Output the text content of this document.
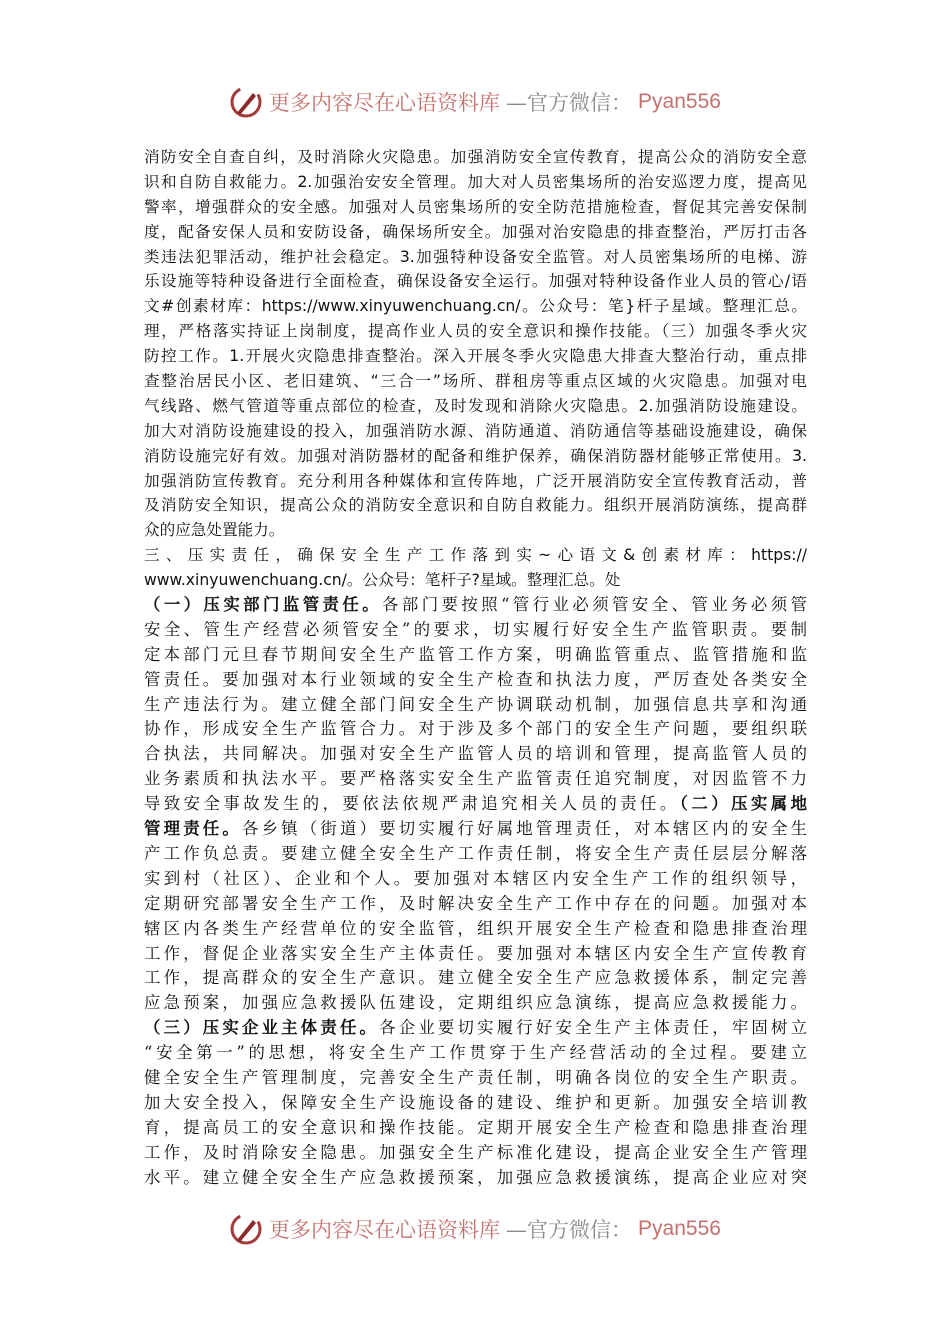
更多内容尽在心语资料库 —官方微信： Pyan556
消防安全自查自纠，及时消除火灾隐患。加强消防安全宣传教育，提高公众的消防安全意
识和自防自救能力。2.加强治安安全管理。加大对人员密集场所的治安巡逻力度，提高见
警率，增强群众的安全感。加强对人员密集场所的安全防范措施检查，督促其完善安保制
度，配备安保人员和安防设备，确保场所安全。加强对治安隐患的排查整治，严厉打击各
类违法犯罪活动，维护社会稳定。3.加强特种设备安全监管。对人员密集场所的电梯、游
乐设施等特种设备进行全面检查，确保设备安全运行。加强对特种设备作业人员的管心/语
文#创素材库：https://www.xinyuwenchuang.cn/。公众号：笔}杆子星域。整理汇总。
理，严格落实持证上岗制度，提高作业人员的安全意识和操作技能。（三）加强冬季火灾
防控工作。1.开展火灾隐患排查整治。深入开展冬季火灾隐患大排查大整治行动，重点排
查整治居民小区、老旧建筑、“三合一”场所、群租房等重点区域的火灾隐患。加强对电
气线路、燃气管道等重点部位的检查，及时发现和消除火灾隐患。2.加强消防设施建设。
加大对消防设施建设的投入，加强消防水源、消防通道、消防通信等基础设施建设，确保
消防设施完好有效。加强对消防器材的配备和维护保养，确保消防器材能够正常使用。3.
加强消防宣传教育。充分利用各种媒体和宣传阵地，广泛开展消防安全宣传教育活动，普
及消防安全知识，提高公众的消防安全意识和自防自救能力。组织开展消防演练，提高群
众的应急处置能力。
三、压实责任，确保安全生产工作落到实~心语文&创素材库：https://
www.xinyuwenchuang.cn/。公众号：笔杆子?星域。整理汇总。处
（一）压实部门监管责任。各部门要按照“管行业必须管安全、管业务必须管
安全、管生产经营必须管安全”的要求，切实履行好安全生产监管职责。要制
定本部门元旦春节期间安全生产监管工作方案，明确监管重点、监管措施和监
管责任。要加强对本行业领域的安全生产检查和执法力度，严厉查处各类安全
生产违法行为。建立健全部门间安全生产协调联动机制，加强信息共享和沟通
协作，形成安全生产监管合力。对于涉及多个部门的安全生产问题，要组织联
合执法，共同解决。加强对安全生产监管人员的培训和管理，提高监管人员的
业务素质和执法水平。要严格落实安全生产监管责任追究制度，对因监管不力
导致安全事故发生的，要依法依规严肃追究相关人员的责任。（二）压实属地
管理责任。各乡镇（街道）要切实履行好属地管理责任，对本辖区内的安全生
产工作负总责。要建立健全安全生产工作责任制，将安全生产责任层层分解落
实到村（社区）、企业和个人。要加强对本辖区内安全生产工作的组织领导，
定期研究部署安全生产工作，及时解决安全生产工作中存在的问题。加强对本
辖区内各类生产经营单位的安全监管，组织开展安全生产检查和隐患排查治理
工作，督促企业落实安全生产主体责任。要加强对本辖区内安全生产宣传教育
工作，提高群众的安全生产意识。建立健全安全生产应急救援体系，制定完善
应急预案，加强应急救援队伍建设，定期组织应急演练，提高应急救援能力。
（三）压实企业主体责任。各企业要切实履行好安全生产主体责任，牢固树立
“安全第一”的思想，将安全生产工作贯穿于生产经营活动的全过程。要建立
健全安全生产管理制度，完善安全生产责任制，明确各岗位的安全生产职责。
加大安全投入，保障安全生产设施设备的建设、维护和更新。加强安全培训教
育，提高员工的安全意识和操作技能。定期开展安全生产检查和隐患排查治理
工作，及时消除安全隐患。加强安全生产标准化建设，提高企业安全生产管理
水平。建立健全安全生产应急救援预案，加强应急救援演练，提高企业应对突
更多内容尽在心语资料库 —官方微信： Pyan556
